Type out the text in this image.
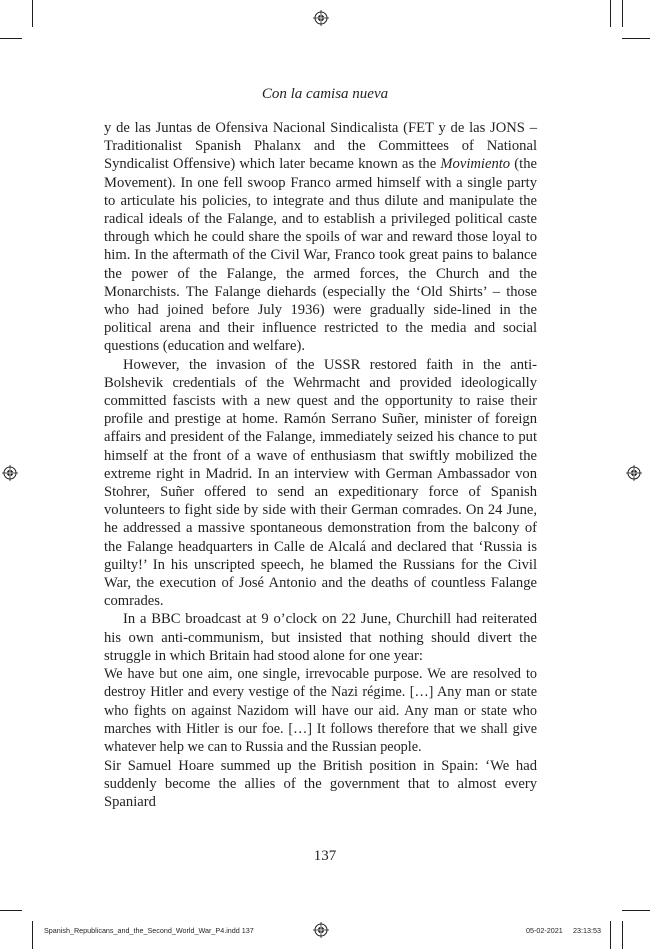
Con la camisa nueva

y de las Juntas de Ofensiva Nacional Sindicalista (FET y de las JONS – Traditionalist Spanish Phalanx and the Committees of National Syndicalist Offensive) which later became known as the Movimiento (the Movement). In one fell swoop Franco armed himself with a single party to articulate his policies, to integrate and thus dilute and manipulate the radical ideals of the Falange, and to establish a privileged political caste through which he could share the spoils of war and reward those loyal to him. In the aftermath of the Civil War, Franco took great pains to balance the power of the Falange, the armed forces, the Church and the Monarchists. The Falange diehards (especially the ‘Old Shirts’ – those who had joined before July 1936) were gradually side-lined in the political arena and their influence restricted to the media and social questions (education and welfare).

However, the invasion of the USSR restored faith in the anti-Bolshevik credentials of the Wehrmacht and provided ideologically committed fascists with a new quest and the opportunity to raise their profile and prestige at home. Ramón Serrano Suñer, minister of foreign affairs and president of the Falange, immediately seized his chance to put himself at the front of a wave of enthusiasm that swiftly mobilized the extreme right in Madrid. In an interview with German Ambassador von Stohrer, Suñer offered to send an expeditionary force of Spanish volunteers to fight side by side with their German comrades. On 24 June, he addressed a massive spontaneous demonstration from the balcony of the Falange headquarters in Calle de Alcalá and declared that ‘Russia is guilty!’ In his unscripted speech, he blamed the Russians for the Civil War, the execution of José Antonio and the deaths of countless Falange comrades.

In a BBC broadcast at 9 o’clock on 22 June, Churchill had reiterated his own anti-communism, but insisted that nothing should divert the struggle in which Britain had stood alone for one year:

We have but one aim, one single, irrevocable purpose. We are resolved to destroy Hitler and every vestige of the Nazi régime. […] Any man or state who fights on against Nazidom will have our aid. Any man or state who marches with Hitler is our foe. […] It follows therefore that we shall give whatever help we can to Russia and the Russian people.

Sir Samuel Hoare summed up the British position in Spain: ‘We had suddenly become the allies of the government that to almost every Spaniard

137
Spanish_Republicans_and_the_Second_World_War_P4.indd 137	05-02-2021 23:13:53
